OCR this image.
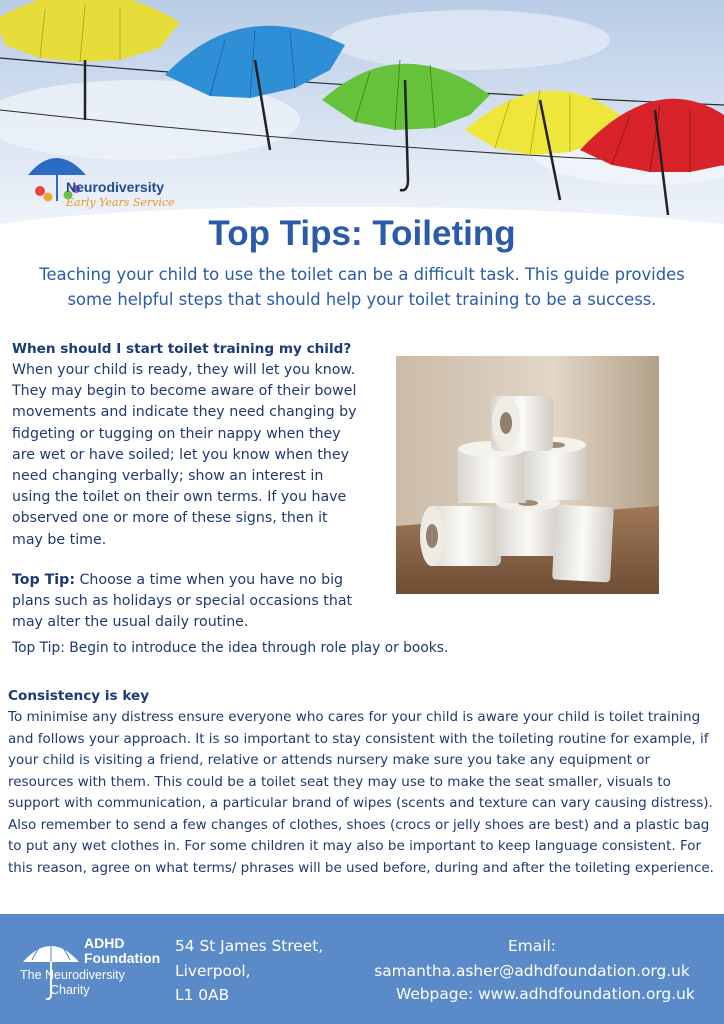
Neurodiversity
Early Years Service
Top Tips: Toileting

Teaching your child to use the toilet can be a difficult task. This guide provides some helpful steps that should help your toilet training to be a success.

When should I start toilet training my child?

When your child is ready, they will let you know. They may begin to become aware of their bowel movements and indicate they need changing by fidgeting or tugging on their nappy when they are wet or have soiled; let you know when they need changing verbally; show an interest in using the toilet on their own terms. If you have observed one or more of these signs, then it may be time.

Top Tip: Choose a time when you have no big plans such as holidays or special occasions that may alter the usual daily routine.

Top Tip: Begin to introduce the idea through role play or books.

Consistency is key

To minimise any distress ensure everyone who cares for your child is aware your child is toilet training and follows your approach. It is so important to stay consistent with the toileting routine for example, if your child is visiting a friend, relative or attends nursery make sure you take any equipment or resources with them. This could be a toilet seat they may use to make the seat smaller, visuals to support with communication, a particular brand of wipes (scents and texture can vary causing distress). Also remember to send a few changes of clothes, shoes (crocs or jelly shoes are best) and a plastic bag to put any wet clothes in. For some children it may also be important to keep language consistent. For this reason, agree on what terms/ phrases will be used before, during and after the toileting experience.

ADHD
Foundation
The Neurodiversity
Charity
54 St James Street,
Liverpool,
L1 0AB
Email:
samantha.asher@adhdfoundation.org.uk
Webpage: www.adhdfoundation.org.uk
